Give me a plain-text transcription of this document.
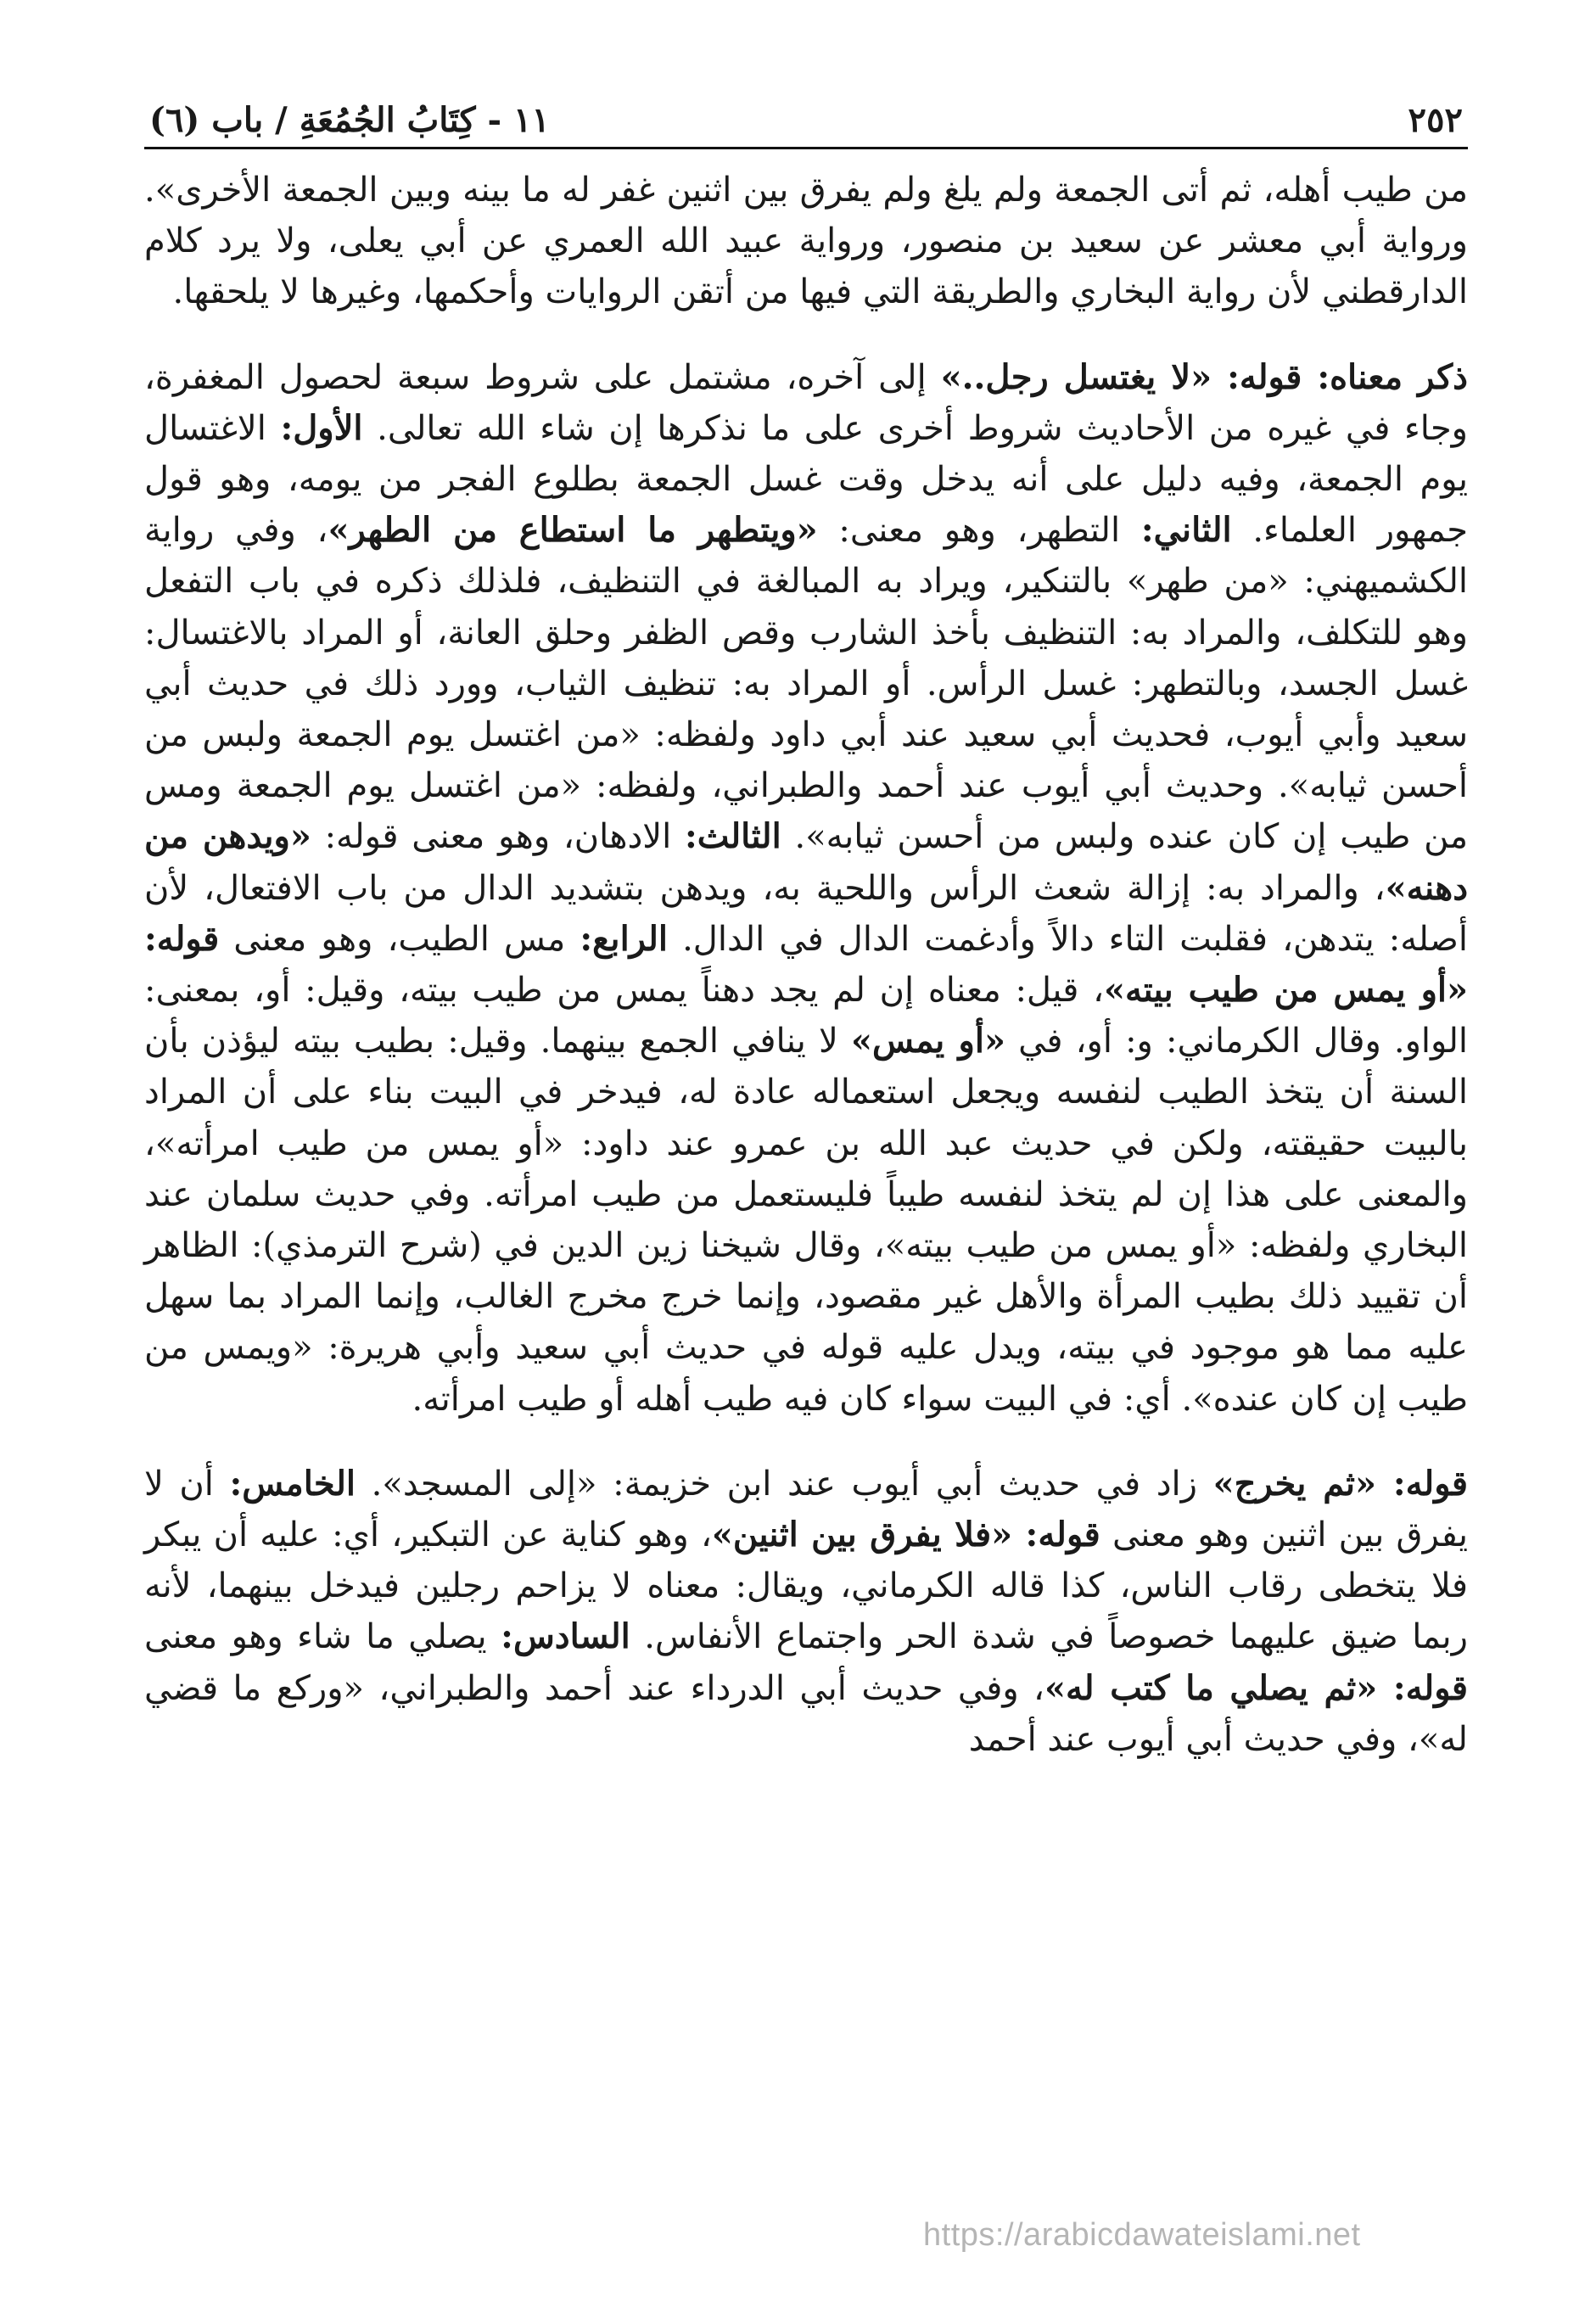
٢٥٢
١١ - كِتَابُ الجُمُعَةِ / باب (٦)

من طيب أهله، ثم أتى الجمعة ولم يلغ ولم يفرق بين اثنين غفر له ما بينه وبين الجمعة الأخرى». ورواية أبي معشر عن سعيد بن منصور، ورواية عبيد الله العمري عن أبي يعلى، ولا يرد كلام الدارقطني لأن رواية البخاري والطريقة التي فيها من أتقن الروايات وأحكمها، وغيرها لا يلحقها.

ذكر معناه: قوله: «لا يغتسل رجل..» إلى آخره، مشتمل على شروط سبعة لحصول المغفرة، وجاء في غيره من الأحاديث شروط أخرى على ما نذكرها إن شاء الله تعالى. الأول: الاغتسال يوم الجمعة، وفيه دليل على أنه يدخل وقت غسل الجمعة بطلوع الفجر من يومه، وهو قول جمهور العلماء. الثاني: التطهر، وهو معنى: «ويتطهر ما استطاع من الطهر»، وفي رواية الكشميهني: «من طهر» بالتنكير، ويراد به المبالغة في التنظيف، فلذلك ذكره في باب التفعل وهو للتكلف، والمراد به: التنظيف بأخذ الشارب وقص الظفر وحلق العانة، أو المراد بالاغتسال: غسل الجسد، وبالتطهر: غسل الرأس. أو المراد به: تنظيف الثياب، وورد ذلك في حديث أبي سعيد وأبي أيوب، فحديث أبي سعيد عند أبي داود ولفظه: «من اغتسل يوم الجمعة ولبس من أحسن ثيابه». وحديث أبي أيوب عند أحمد والطبراني، ولفظه: «من اغتسل يوم الجمعة ومس من طيب إن كان عنده ولبس من أحسن ثيابه». الثالث: الادهان، وهو معنى قوله: «ويدهن من دهنه»، والمراد به: إزالة شعث الرأس واللحية به، ويدهن بتشديد الدال من باب الافتعال، لأن أصله: يتدهن، فقلبت التاء دالاً وأدغمت الدال في الدال. الرابع: مس الطيب، وهو معنى قوله: «أو يمس من طيب بيته»، قيل: معناه إن لم يجد دهناً يمس من طيب بيته، وقيل: أو، بمعنى: الواو. وقال الكرماني: و: أو، في «أو يمس» لا ينافي الجمع بينهما. وقيل: بطيب بيته ليؤذن بأن السنة أن يتخذ الطيب لنفسه ويجعل استعماله عادة له، فيدخر في البيت بناء على أن المراد بالبيت حقيقته، ولكن في حديث عبد الله بن عمرو عند داود: «أو يمس من طيب امرأته»، والمعنى على هذا إن لم يتخذ لنفسه طيباً فليستعمل من طيب امرأته. وفي حديث سلمان عند البخاري ولفظه: «أو يمس من طيب بيته»، وقال شيخنا زين الدين في (شرح الترمذي): الظاهر أن تقييد ذلك بطيب المرأة والأهل غير مقصود، وإنما خرج مخرج الغالب، وإنما المراد بما سهل عليه مما هو موجود في بيته، ويدل عليه قوله في حديث أبي سعيد وأبي هريرة: «ويمس من طيب إن كان عنده». أي: في البيت سواء كان فيه طيب أهله أو طيب امرأته.

قوله: «ثم يخرج» زاد في حديث أبي أيوب عند ابن خزيمة: «إلى المسجد». الخامس: أن لا يفرق بين اثنين وهو معنى قوله: «فلا يفرق بين اثنين»، وهو كناية عن التبكير، أي: عليه أن يبكر فلا يتخطى رقاب الناس، كذا قاله الكرماني، ويقال: معناه لا يزاحم رجلين فيدخل بينهما، لأنه ربما ضيق عليهما خصوصاً في شدة الحر واجتماع الأنفاس. السادس: يصلي ما شاء وهو معنى قوله: «ثم يصلي ما كتب له»، وفي حديث أبي الدرداء عند أحمد والطبراني، «وركع ما قضي له»، وفي حديث أبي أيوب عند أحمد

https://arabicdawateislami.net
